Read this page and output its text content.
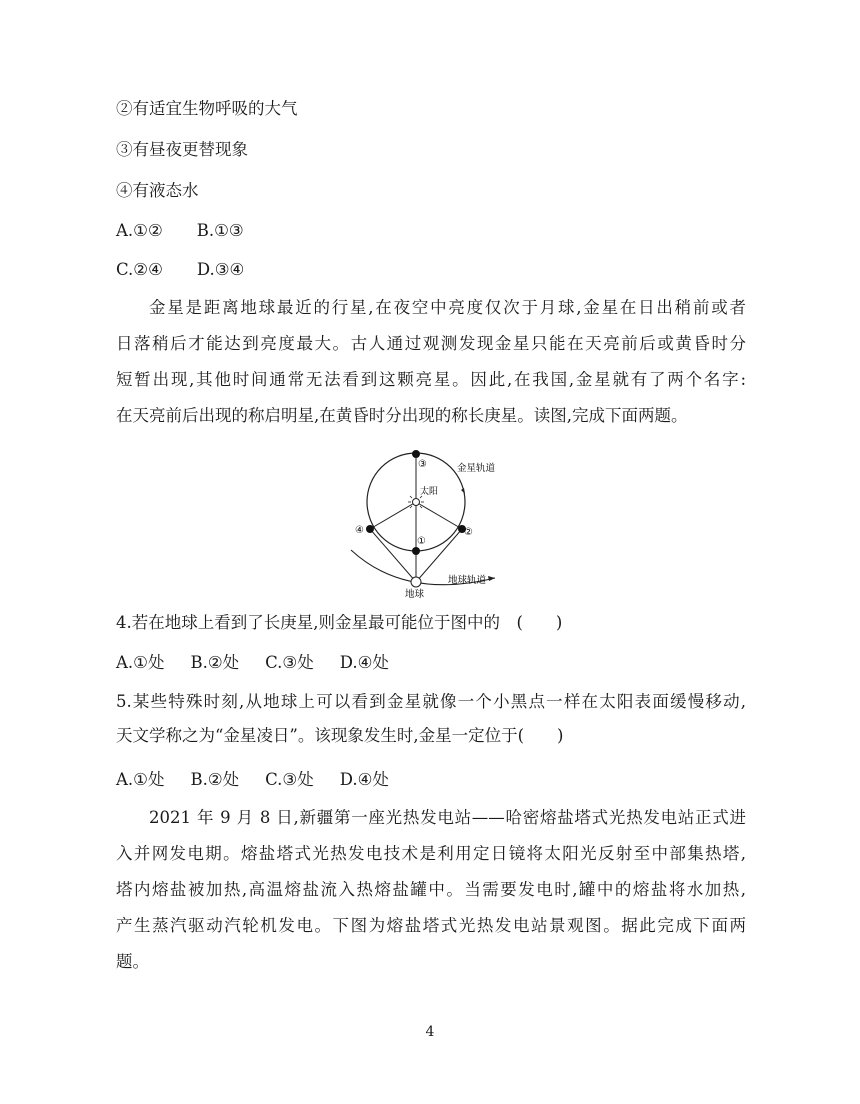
②有适宜生物呼吸的大气
③有昼夜更替现象
④有液态水
A.①② B.①③
C.②④ D.③④
金星是距离地球最近的行星,在夜空中亮度仅次于月球,金星在日出稍前或者
日落稍后才能达到亮度最大。古人通过观测发现金星只能在天亮前后或黄昏时分
短暂出现,其他时间通常无法看到这颗亮星。因此,在我国,金星就有了两个名字:
在天亮前后出现的称启明星,在黄昏时分出现的称长庚星。读图,完成下面两题。
③
④	②
①
太阳
金星轨道
地球轨道
地球
4.若在地球上看到了长庚星,则金星最可能位于图中的　(　　)
A.①处 B.②处 C.③处 D.④处
5.某些特殊时刻,从地球上可以看到金星就像一个小黑点一样在太阳表面缓慢移动,
天文学称之为“金星凌日”。该现象发生时,金星一定位于(　　)
A.①处 B.②处 C.③处 D.④处
2021 年 9 月 8 日,新疆第一座光热发电站——哈密熔盐塔式光热发电站正式进
入并网发电期。熔盐塔式光热发电技术是利用定日镜将太阳光反射至中部集热塔,
塔内熔盐被加热,高温熔盐流入热熔盐罐中。当需要发电时,罐中的熔盐将水加热,
产生蒸汽驱动汽轮机发电。下图为熔盐塔式光热发电站景观图。据此完成下面两
题。
4
